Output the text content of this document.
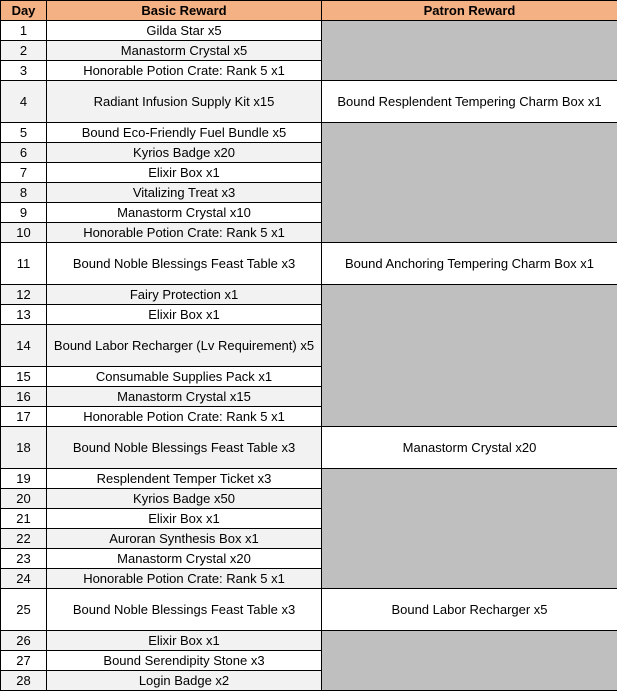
Day	Basic Reward	Patron Reward
1	Gilda Star x5	
2	Manastorm Crystal x5	
3	Honorable Potion Crate: Rank 5 x1	
4	Radiant Infusion Supply Kit x15	Bound Resplendent Tempering Charm Box x1
5	Bound Eco-Friendly Fuel Bundle x5	
6	Kyrios Badge x20	
7	Elixir Box x1	
8	Vitalizing Treat x3	
9	Manastorm Crystal x10	
10	Honorable Potion Crate: Rank 5 x1	
11	Bound Noble Blessings Feast Table x3	Bound Anchoring Tempering Charm Box x1
12	Fairy Protection x1	
13	Elixir Box x1	
14	Bound Labor Recharger (Lv Requirement) x5	
15	Consumable Supplies Pack x1	
16	Manastorm Crystal x15	
17	Honorable Potion Crate: Rank 5 x1	
18	Bound Noble Blessings Feast Table x3	Manastorm Crystal x20
19	Resplendent Temper Ticket x3	
20	Kyrios Badge x50	
21	Elixir Box x1	
22	Auroran Synthesis Box x1	
23	Manastorm Crystal x20	
24	Honorable Potion Crate: Rank 5 x1	
25	Bound Noble Blessings Feast Table x3	Bound Labor Recharger x5
26	Elixir Box x1	
27	Bound Serendipity Stone x3	
28	Login Badge x2	
